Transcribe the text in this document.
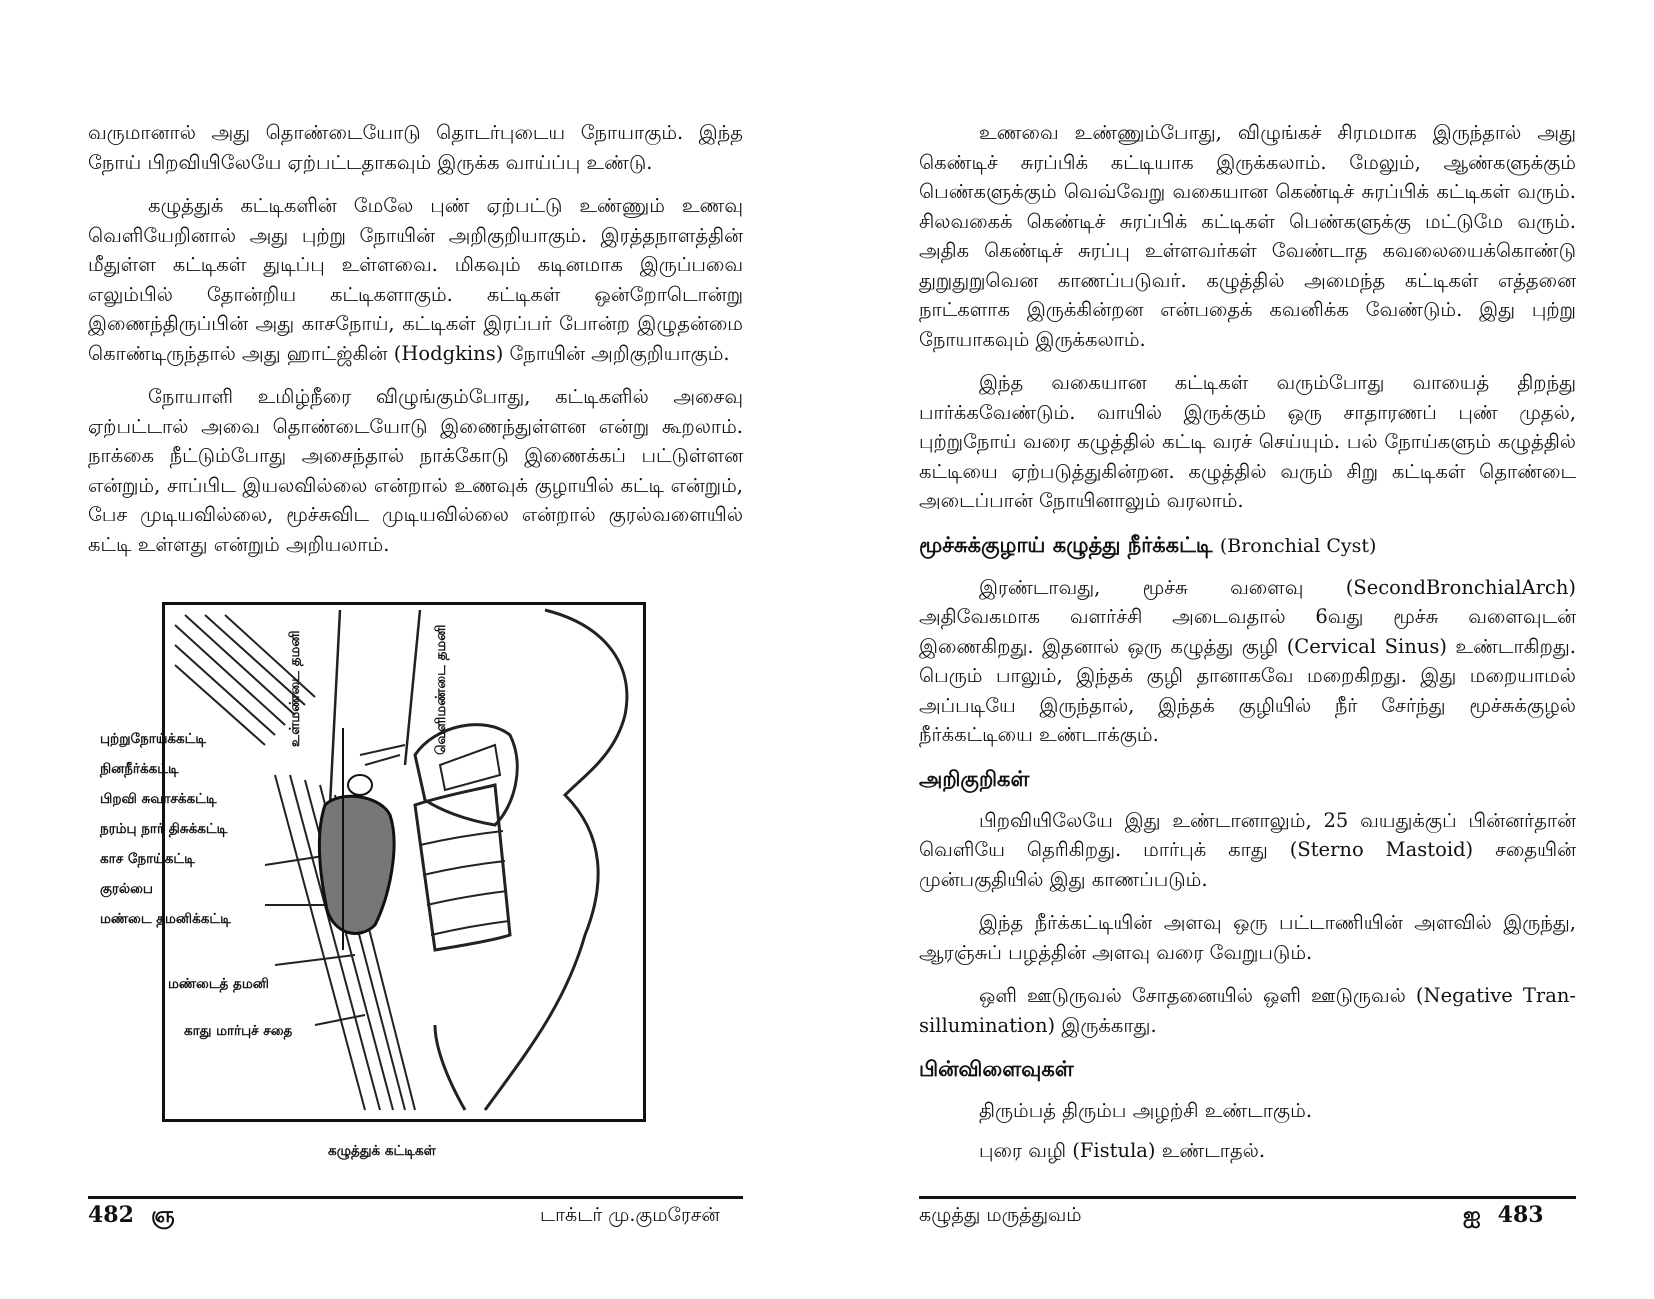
வருமானால் அது தொண்டையோடு தொடர்புடைய நோயாகும். இந்த நோய் பிறவியிலேயே ஏற்பட்டதாகவும் இருக்க வாய்ப்பு உண்டு.

கழுத்துக் கட்டிகளின் மேலே புண் ஏற்பட்டு உண்ணும் உணவு வெளியேறினால் அது புற்று நோயின் அறிகுறியாகும். இரத்தநாளத்தின் மீதுள்ள கட்டிகள் துடிப்பு உள்ளவை. மிகவும் கடினமாக இருப்பவை எலும்பில் தோன்றிய கட்டிகளாகும். கட்டிகள் ஒன்றோடொன்று இணைந்திருப்பின் அது காசநோய், கட்டிகள் இரப்பர் போன்ற இழுதன்மை கொண்டிருந்தால் அது ஹாட்ஜ்கின் (Hodgkins) நோயின் அறிகுறியாகும்.

நோயாளி உமிழ்நீரை விழுங்கும்போது, கட்டிகளில் அசைவு ஏற்பட்டால் அவை தொண்டையோடு இணைந்துள்ளன என்று கூறலாம். நாக்கை நீட்டும்போது அசைந்தால் நாக்கோடு இணைக்கப் பட்டுள்ளன என்றும், சாப்பிட இயலவில்லை என்றால் உணவுக் குழாயில் கட்டி என்றும், பேச முடியவில்லை, மூச்சுவிட முடியவில்லை என்றால் குரல்வளையில் கட்டி உள்ளது என்றும் அறியலாம்.

உள்மண்டை தமனி	வெளிமண்டை தமனி
புற்றுநோய்க்கட்டி
நினநீர்க்கட்டி
பிறவி சுவாசக்கட்டி
நரம்பு நார் திசுக்கட்டி
காச நோய்கட்டி
குரல்பை
மண்டை தமனிக்கட்டி
மண்டைத் தமனி
காது மார்புச் சதை
கழுத்துக் கட்டிகள்
482 ஞ	டாக்டர் மு.குமரேசன்

உணவை உண்ணும்போது, விழுங்கச் சிரமமாக இருந்தால் அது கெண்டிச் சுரப்பிக் கட்டியாக இருக்கலாம். மேலும், ஆண்களுக்கும் பெண்களுக்கும் வெவ்வேறு வகையான கெண்டிச் சுரப்பிக் கட்டிகள் வரும். சிலவகைக் கெண்டிச் சுரப்பிக் கட்டிகள் பெண்களுக்கு மட்டுமே வரும். அதிக கெண்டிச் சுரப்பு உள்ளவர்கள் வேண்டாத கவலையைக்கொண்டு துறுதுறுவென காணப்படுவர். கழுத்தில் அமைந்த கட்டிகள் எத்தனை நாட்களாக இருக்கின்றன என்பதைக் கவனிக்க வேண்டும். இது புற்று நோயாகவும் இருக்கலாம்.

இந்த வகையான கட்டிகள் வரும்போது வாயைத் திறந்து பார்க்கவேண்டும். வாயில் இருக்கும் ஒரு சாதாரணப் புண் முதல், புற்றுநோய் வரை கழுத்தில் கட்டி வரச் செய்யும். பல் நோய்களும் கழுத்தில் கட்டியை ஏற்படுத்துகின்றன. கழுத்தில் வரும் சிறு கட்டிகள் தொண்டை அடைப்பான் நோயினாலும் வரலாம்.

மூச்சுக்குழாய் கழுத்து நீர்க்கட்டி (Bronchial Cyst)

இரண்டாவது, மூச்சு வளைவு (SecondBronchialArch) அதிவேகமாக வளர்ச்சி அடைவதால் 6வது மூச்சு வளைவுடன் இணைகிறது. இதனால் ஒரு கழுத்து குழி (Cervical Sinus) உண்டாகிறது. பெரும் பாலும், இந்தக் குழி தானாகவே மறைகிறது. இது மறையாமல் அப்படியே இருந்தால், இந்தக் குழியில் நீர் சேர்ந்து மூச்சுக்குழல் நீர்க்கட்டியை உண்டாக்கும்.

அறிகுறிகள்

பிறவியிலேயே இது உண்டானாலும், 25 வயதுக்குப் பின்னர்தான் வெளியே தெரிகிறது. மார்புக் காது (Sterno Mastoid) சதையின் முன்பகுதியில் இது காணப்படும்.

இந்த நீர்க்கட்டியின் அளவு ஒரு பட்டாணியின் அளவில் இருந்து, ஆரஞ்சுப் பழத்தின் அளவு வரை வேறுபடும்.

ஒளி ஊடுருவல் சோதனையில் ஒளி ஊடுருவல் (Negative Tran- sillumination) இருக்காது.

பின்விளைவுகள்

திரும்பத் திரும்ப அழற்சி உண்டாகும்.

புரை வழி (Fistula) உண்டாதல்.

கழுத்து மருத்துவம்	ஐ 483
